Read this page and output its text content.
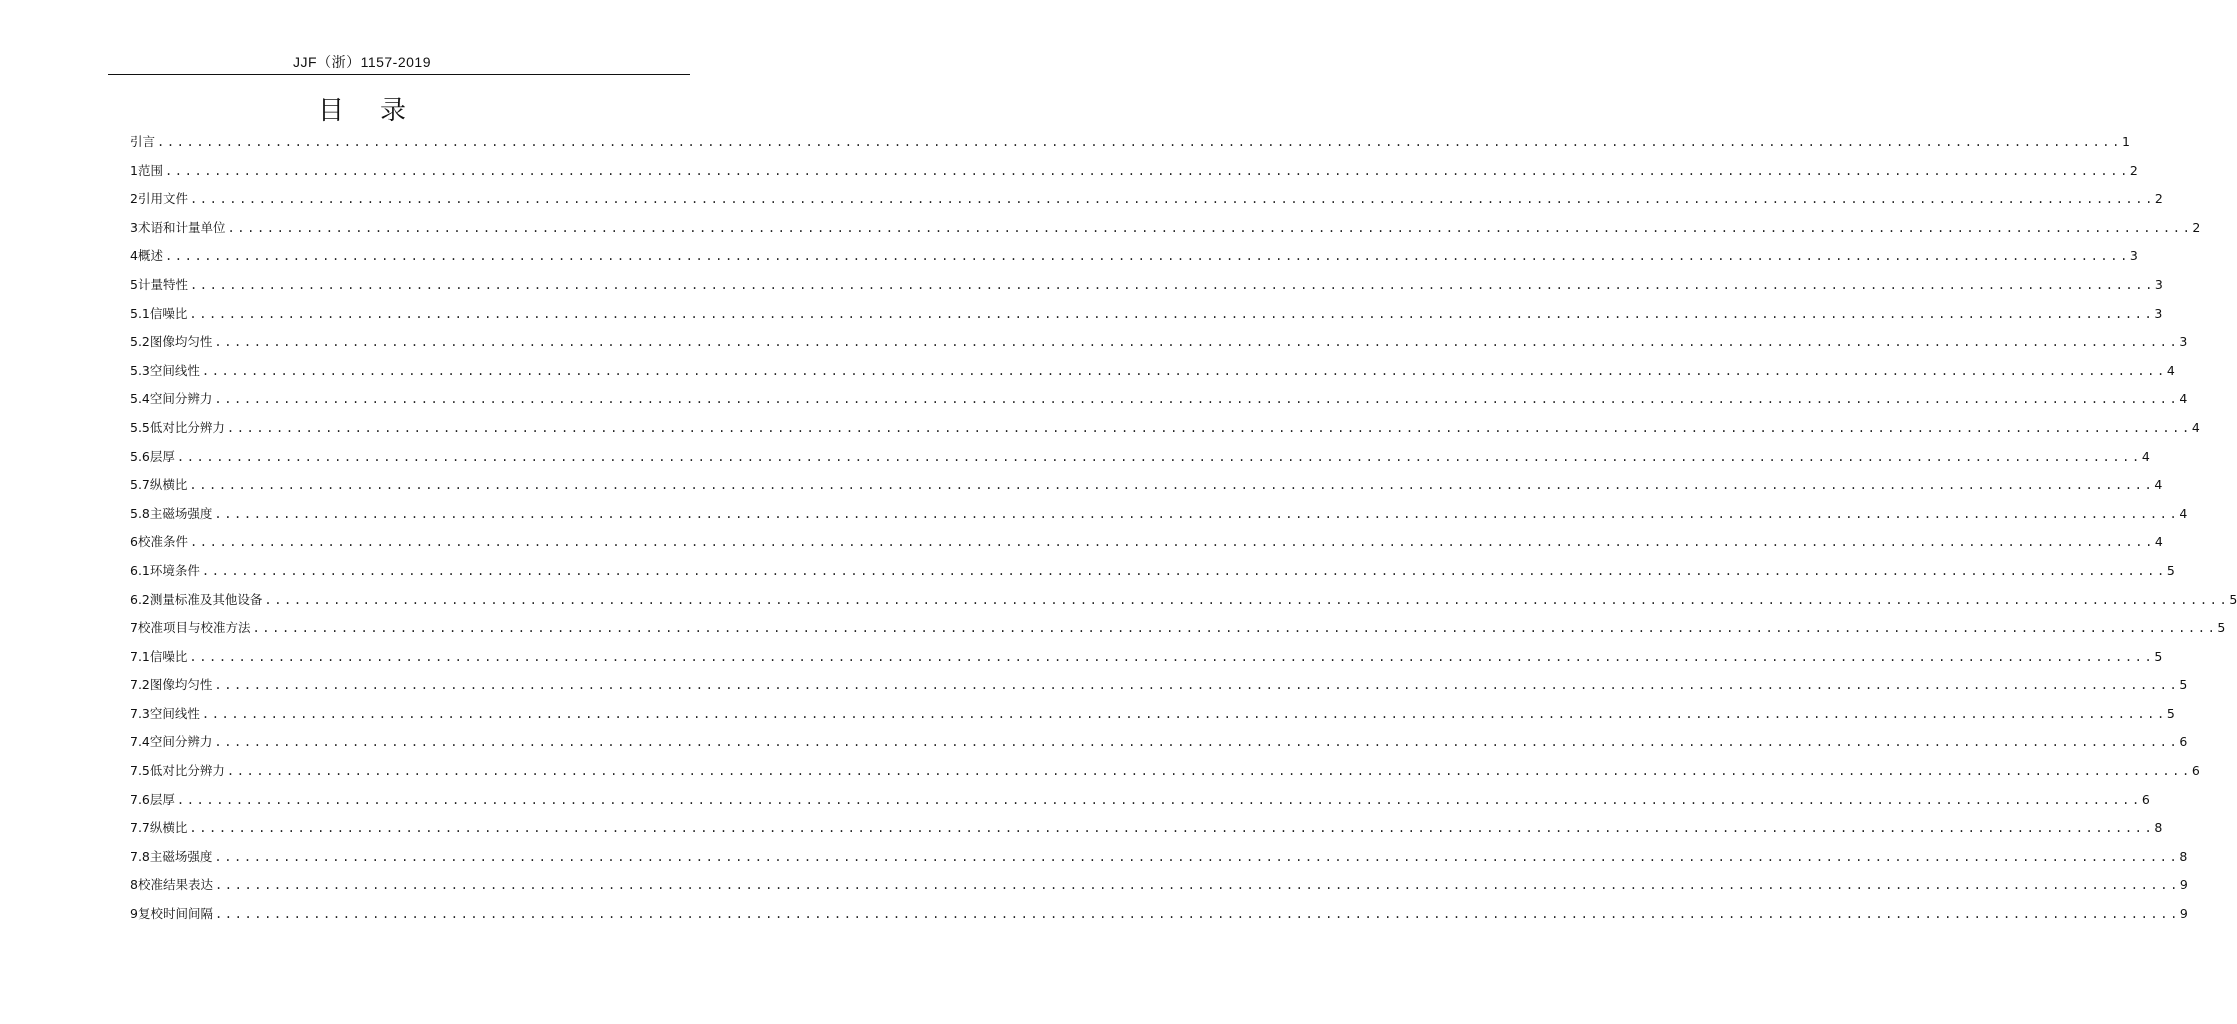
JJF（浙）1157-2019
目 录
引 言 ........................................................................................................................................................................................................ 1
1 范围 ........................................................................................................................................................................................................ 2
2 引用文件 ........................................................................................................................................................................................................ 2
3 术语和计量单位 ........................................................................................................................................................................................................ 2
4 概述 ........................................................................................................................................................................................................ 3
5 计量特性 ........................................................................................................................................................................................................ 3
5.1 信噪比 ........................................................................................................................................................................................................ 3
5.2 图像均匀性 ........................................................................................................................................................................................................ 3
5.3 空间线性 ........................................................................................................................................................................................................ 4
5.4 空间分辨力 ........................................................................................................................................................................................................ 4
5.5 低对比分辨力 ........................................................................................................................................................................................................ 4
5.6 层厚 ........................................................................................................................................................................................................ 4
5.7 纵横比 ........................................................................................................................................................................................................ 4
5.8 主磁场强度 ........................................................................................................................................................................................................ 4
6 校准条件 ........................................................................................................................................................................................................ 4
6.1 环境条件 ........................................................................................................................................................................................................ 5
6.2 测量标准及其他设备 ........................................................................................................................................................................................................ 5
7 校准项目与校准方法 ........................................................................................................................................................................................................ 5
7.1 信噪比 ........................................................................................................................................................................................................ 5
7.2 图像均匀性 ........................................................................................................................................................................................................ 5
7.3 空间线性 ........................................................................................................................................................................................................ 5
7.4 空间分辨力 ........................................................................................................................................................................................................ 6
7.5 低对比分辨力 ........................................................................................................................................................................................................ 6
7.6 层厚 ........................................................................................................................................................................................................ 6
7.7 纵横比 ........................................................................................................................................................................................................ 8
7.8 主磁场强度 ........................................................................................................................................................................................................ 8
8 校准结果表达 ........................................................................................................................................................................................................ 9
9 复校时间间隔 ........................................................................................................................................................................................................ 9
